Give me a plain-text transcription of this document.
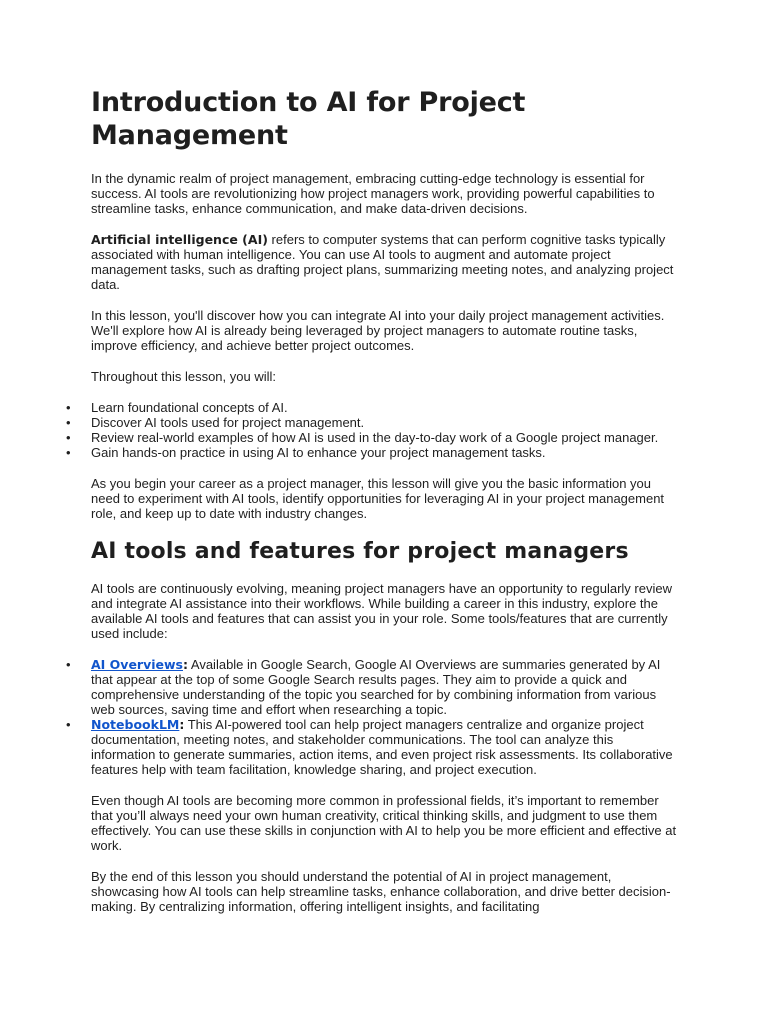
Introduction to AI for Project Management

In the dynamic realm of project management, embracing cutting-edge technology is essential for success. AI tools are revolutionizing how project managers work, providing powerful capabilities to streamline tasks, enhance communication, and make data-driven decisions.

Artificial intelligence (AI) refers to computer systems that can perform cognitive tasks typically associated with human intelligence. You can use AI tools to augment and automate project management tasks, such as drafting project plans, summarizing meeting notes, and analyzing project data.

In this lesson, you'll discover how you can integrate AI into your daily project management activities. We'll explore how AI is already being leveraged by project managers to automate routine tasks, improve efficiency, and achieve better project outcomes.

Throughout this lesson, you will:

• Learn foundational concepts of AI.
• Discover AI tools used for project management.
• Review real-world examples of how AI is used in the day-to-day work of a Google project manager.
• Gain hands-on practice in using AI to enhance your project management tasks.

As you begin your career as a project manager, this lesson will give you the basic information you need to experiment with AI tools, identify opportunities for leveraging AI in your project management role, and keep up to date with industry changes.

AI tools and features for project managers

AI tools are continuously evolving, meaning project managers have an opportunity to regularly review and integrate AI assistance into their workflows. While building a career in this industry, explore the available AI tools and features that can assist you in your role. Some tools/features that are currently used include:

• AI Overviews: Available in Google Search, Google AI Overviews are summaries generated by AI that appear at the top of some Google Search results pages. They aim to provide a quick and comprehensive understanding of the topic you searched for by combining information from various web sources, saving time and effort when researching a topic.
• NotebookLM: This AI-powered tool can help project managers centralize and organize project documentation, meeting notes, and stakeholder communications. The tool can analyze this information to generate summaries, action items, and even project risk assessments. Its collaborative features help with team facilitation, knowledge sharing, and project execution.

Even though AI tools are becoming more common in professional fields, it’s important to remember that you’ll always need your own human creativity, critical thinking skills, and judgment to use them effectively. You can use these skills in conjunction with AI to help you be more efficient and effective at work.

By the end of this lesson you should understand the potential of AI in project management, showcasing how AI tools can help streamline tasks, enhance collaboration, and drive better decision-making. By centralizing information, offering intelligent insights, and facilitating
